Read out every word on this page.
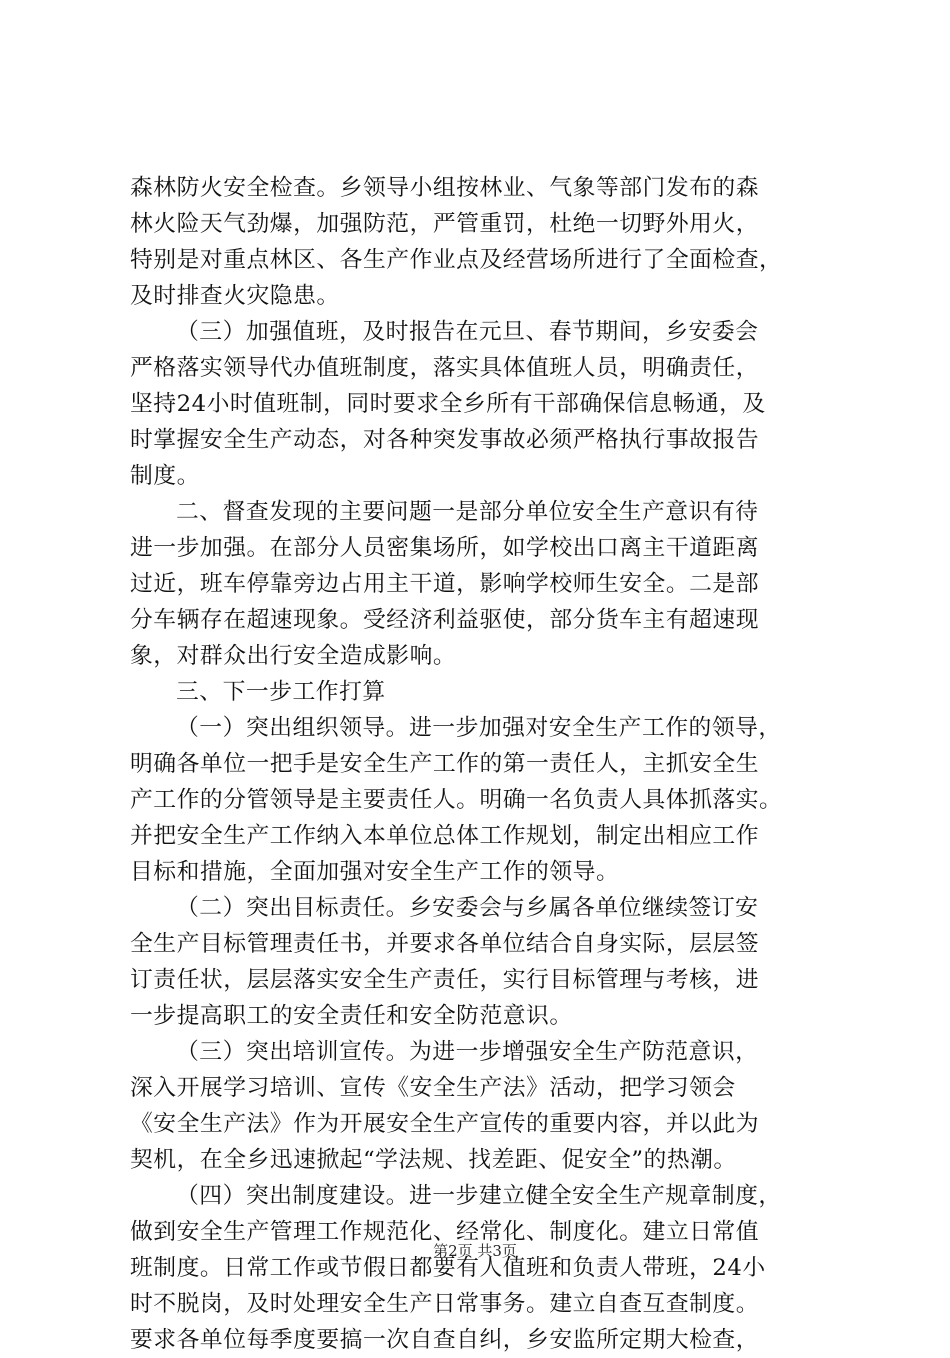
森林防火安全检查。乡领导小组按林业、气象等部门发布的森
林火险天气劲爆，加强防范，严管重罚，杜绝一切野外用火，
特别是对重点林区、各生产作业点及经营场所进行了全面检查，
及时排查火灾隐患。
（三）加强值班，及时报告在元旦、春节期间，乡安委会
严格落实领导代办值班制度，落实具体值班人员，明确责任，
坚持24小时值班制，同时要求全乡所有干部确保信息畅通，及
时掌握安全生产动态，对各种突发事故必须严格执行事故报告
制度。
二、督查发现的主要问题一是部分单位安全生产意识有待
进一步加强。在部分人员密集场所，如学校出口离主干道距离
过近，班车停靠旁边占用主干道，影响学校师生安全。二是部
分车辆存在超速现象。受经济利益驱使，部分货车主有超速现
象，对群众出行安全造成影响。
三、下一步工作打算
（一）突出组织领导。进一步加强对安全生产工作的领导，
明确各单位一把手是安全生产工作的第一责任人，主抓安全生
产工作的分管领导是主要责任人。明确一名负责人具体抓落实。
并把安全生产工作纳入本单位总体工作规划，制定出相应工作
目标和措施，全面加强对安全生产工作的领导。
（二）突出目标责任。乡安委会与乡属各单位继续签订安
全生产目标管理责任书，并要求各单位结合自身实际，层层签
订责任状，层层落实安全生产责任，实行目标管理与考核，进
一步提高职工的安全责任和安全防范意识。
（三）突出培训宣传。为进一步增强安全生产防范意识，
深入开展学习培训、宣传《安全生产法》活动，把学习领会
《安全生产法》作为开展安全生产宣传的重要内容，并以此为
契机，在全乡迅速掀起“学法规、找差距、促安全”的热潮。
（四）突出制度建设。进一步建立健全安全生产规章制度，
做到安全生产管理工作规范化、经常化、制度化。建立日常值
班制度。日常工作或节假日都要有人值班和负责人带班，24小
时不脱岗，及时处理安全生产日常事务。建立自查互查制度。
要求各单位每季度要搞一次自查自纠，乡安监所定期大检查，
第2页 共3页
